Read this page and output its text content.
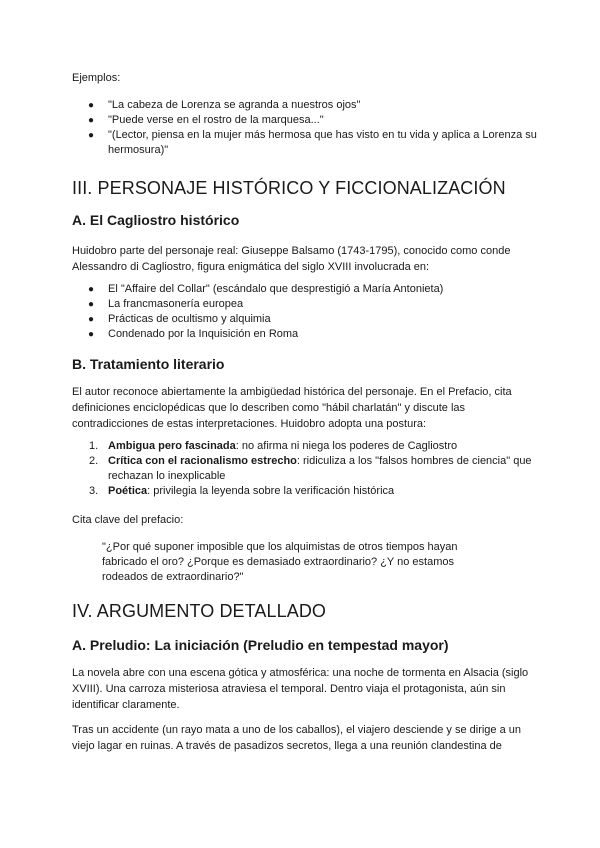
Ejemplos:

● "La cabeza de Lorenza se agranda a nuestros ojos"
● "Puede verse en el rostro de la marquesa..."
● "(Lector, piensa en la mujer más hermosa que has visto en tu vida y aplica a Lorenza su hermosura)"
III. PERSONAJE HISTÓRICO Y FICCIONALIZACIÓN
A. El Cagliostro histórico

Huidobro parte del personaje real: Giuseppe Balsamo (1743-1795), conocido como conde Alessandro di Cagliostro, figura enigmática del siglo XVIII involucrada en:

● El "Affaire del Collar" (escándalo que desprestigió a María Antonieta)
● La francmasonería europea
● Prácticas de ocultismo y alquimia
● Condenado por la Inquisición en Roma
B. Tratamiento literario

El autor reconoce abiertamente la ambigüedad histórica del personaje. En el Prefacio, cita definiciones enciclopédicas que lo describen como "hábil charlatán" y discute las contradicciones de estas interpretaciones. Huidobro adopta una postura:

1. Ambigua pero fascinada: no afirma ni niega los poderes de Cagliostro
2. Crítica con el racionalismo estrecho: ridiculiza a los "falsos hombres de ciencia" que rechazan lo inexplicable
3. Poética: privilegia la leyenda sobre la verificación histórica

Cita clave del prefacio:

"¿Por qué suponer imposible que los alquimistas de otros tiempos hayan fabricado el oro? ¿Porque es demasiado extraordinario? ¿Y no estamos rodeados de extraordinario?"

IV. ARGUMENTO DETALLADO
A. Preludio: La iniciación (Preludio en tempestad mayor)

La novela abre con una escena gótica y atmosférica: una noche de tormenta en Alsacia (siglo XVIII). Una carroza misteriosa atraviesa el temporal. Dentro viaja el protagonista, aún sin identificar claramente.

Tras un accidente (un rayo mata a uno de los caballos), el viajero desciende y se dirige a un viejo lagar en ruinas. A través de pasadizos secretos, llega a una reunión clandestina de
